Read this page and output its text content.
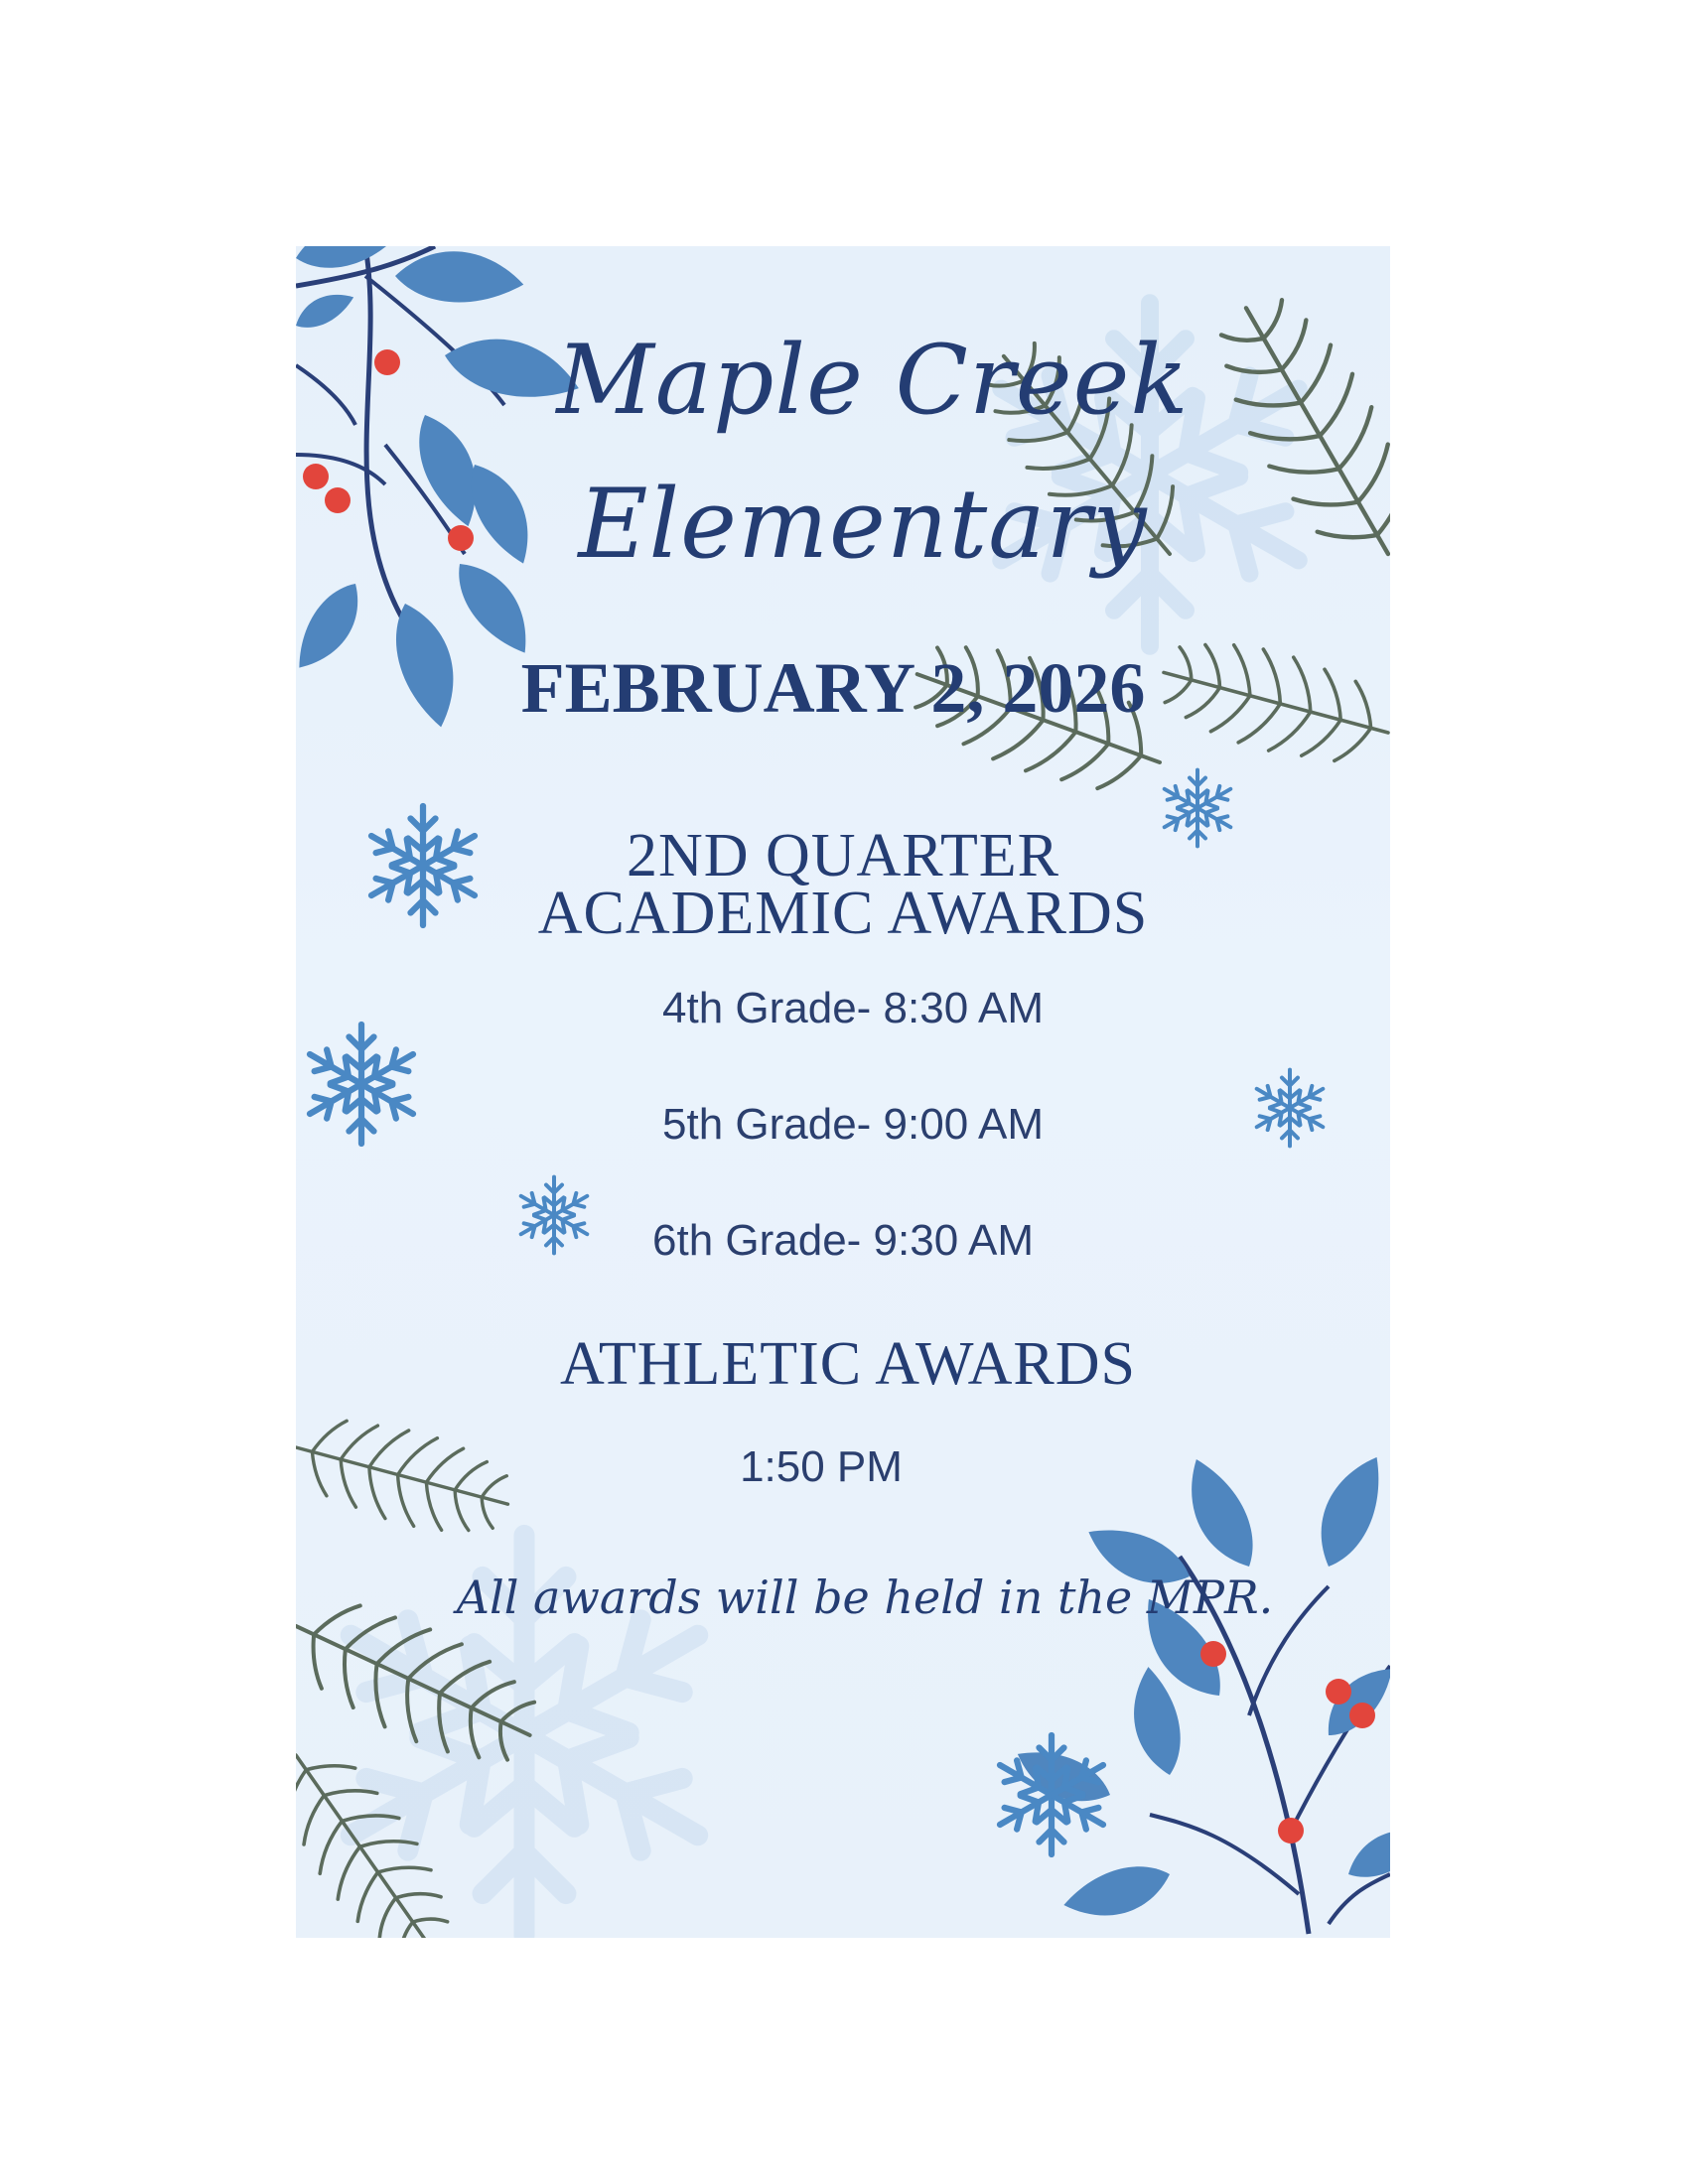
Maple Creek
Elementary
FEBRUARY 2, 2026
2ND QUARTER
ACADEMIC AWARDS
4th Grade- 8:30 AM
5th Grade- 9:00 AM
6th Grade- 9:30 AM
ATHLETIC AWARDS
1:50 PM
All awards will be held in the MPR.
